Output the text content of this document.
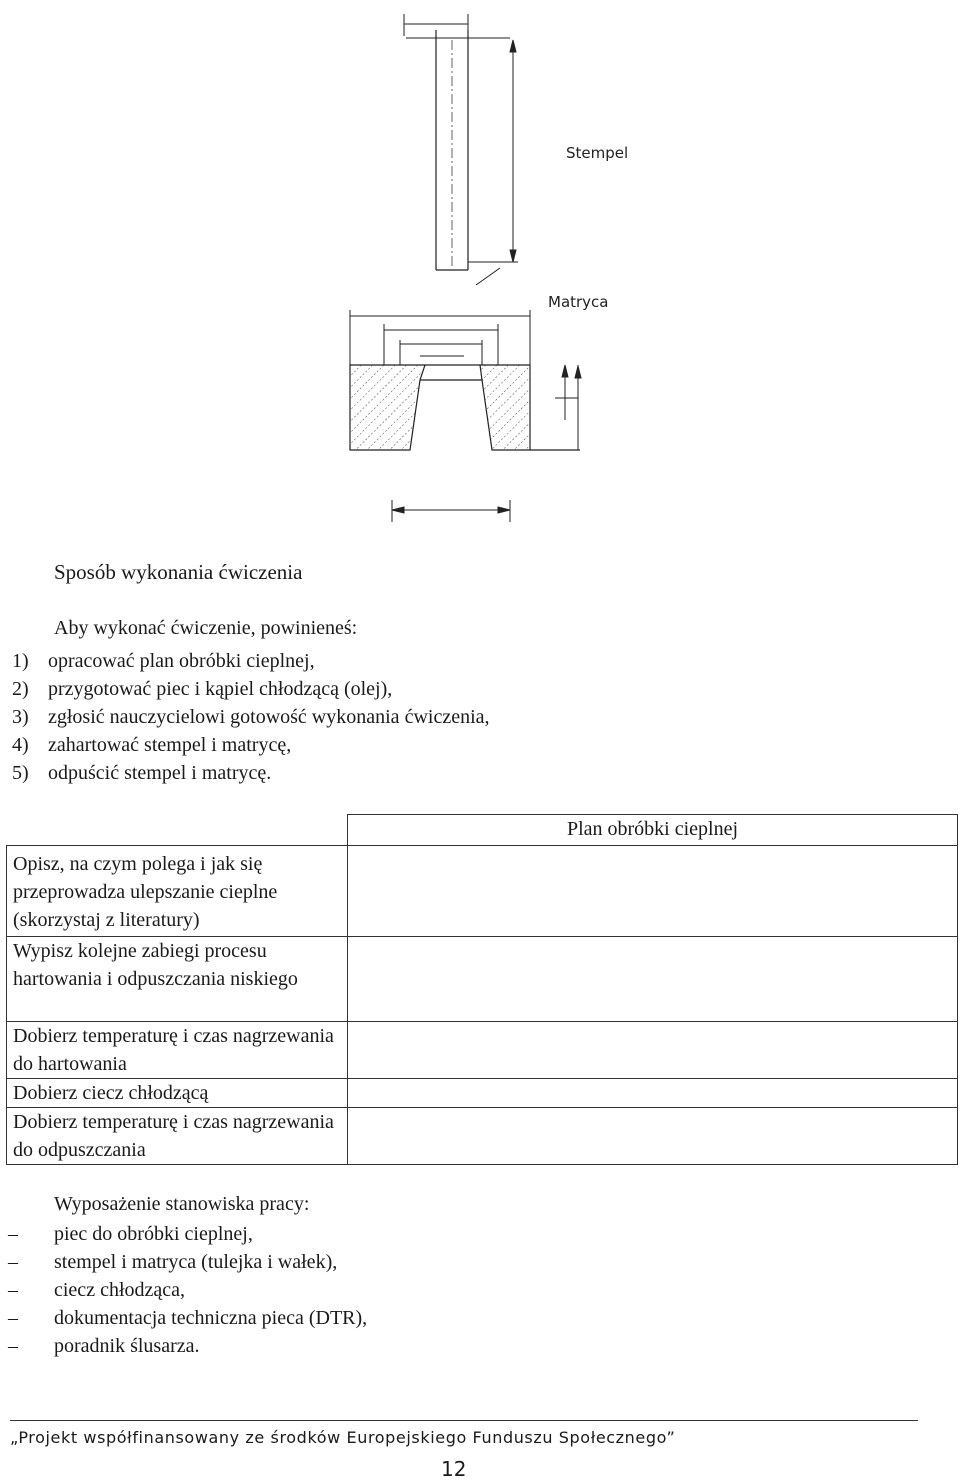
Stempel
Matryca
Sposób wykonania ćwiczenia
Aby wykonać ćwiczenie, powinieneś:
1) opracować plan obróbki cieplnej,
2) przygotować piec i kąpiel chłodzącą (olej),
3) zgłosić nauczycielowi gotowość wykonania ćwiczenia,
4) zahartować stempel i matrycę,
5) odpuścić stempel i matrycę.
	Plan obróbki cieplnej
Opisz, na czym polega i jak się przeprowadza ulepszanie cieplne (skorzystaj z literatury)	
Wypisz kolejne zabiegi procesu hartowania i odpuszczania niskiego	
Dobierz temperaturę i czas nagrzewania do hartowania	
Dobierz ciecz chłodzącą	
Dobierz temperaturę i czas nagrzewania do odpuszczania	
Wyposażenie stanowiska pracy:
– piec do obróbki cieplnej,
– stempel i matryca (tulejka i wałek),
– ciecz chłodząca,
– dokumentacja techniczna pieca (DTR),
– poradnik ślusarza.
„Projekt współfinansowany ze środków Europejskiego Funduszu Społecznego”
12
